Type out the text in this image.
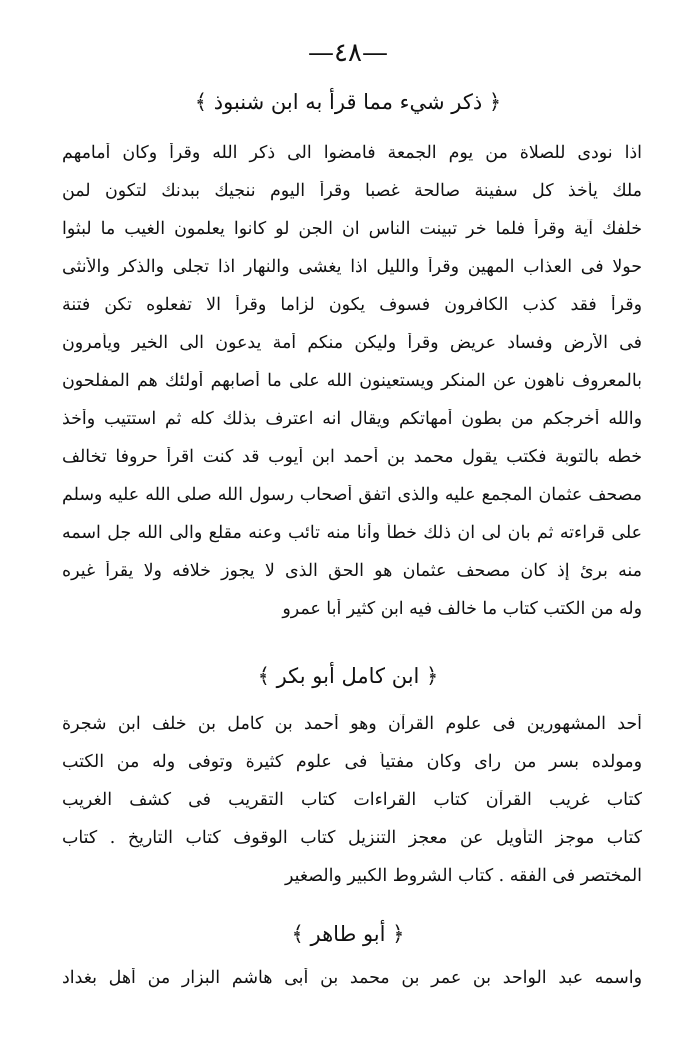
—٤٨—
﴿ ذكر شيء مما قرأ به ابن شنبوذ ﴾
اذا نودى للصلاة من يوم الجمعة فامضوا الى ذكر الله وقرأ وكان أمامهم
ملك يأخذ كل سفينة صالحة غصبا وقرأ اليوم ننجيك ببدنك لتكون لمن
خلفك آية وقرأ فلما خر تبينت الناس ان الجن لو كانوا يعلمون الغيب ما لبثوا
حولا فى العذاب المهين وقرأ والليل اذا يغشى والنهار اذا تجلى والذكر والأنثى
وقرأ فقد كذب الكافرون فسوف يكون لزاما وقرأ الا تفعلوه تكن فتنة
فى الأرض وفساد عريض وقرأ وليكن منكم أمة يدعون الى الخير ويأمرون
بالمعروف ناهون عن المنكر ويستعينون الله على ما أصابهم أولئك هم المفلحون
والله أخرجكم من بطون أمهاتكم ويقال انه اعترف بذلك كله ثم استتيب وأخذ
خطه بالتوبة فكتب يقول محمد بن أحمد ابن أيوب قد كنت اقرأ حروفا تخالف
مصحف عثمان المجمع عليه والذى اتفق أصحاب رسول الله صلى الله عليه وسلم
على قراءته ثم بان لى ان ذلك خطأ وأنا منه تائب وعنه مقلع والى الله جل اسمه
منه برئ إذ كان مصحف عثمان هو الحق الذى لا يجوز خلافه ولا يقرأ غيره
وله من الكتب كتاب ما خالف فيه ابن كثير أبا عمرو
﴿ ابن كامل أبو بكر ﴾
أحد المشهورين فى علوم القرآن وهو أحمد بن كامل بن خلف ابن شجرة
ومولده بسر من راى وكان مفتياً فى علوم كثيرة وتوفى وله من الكتب
كتاب غريب القرآن كتاب القراءات كتاب التقريب فى كشف الغريب
كتاب موجز التأويل عن معجز التنزيل كتاب الوقوف كتاب التاريخ . كتاب
المختصر فى الفقه . كتاب الشروط الكبير والصغير
﴿ أبو طاهر ﴾
واسمه عبد الواحد بن عمر بن محمد بن أبى هاشم البزار من أهل بغداد
